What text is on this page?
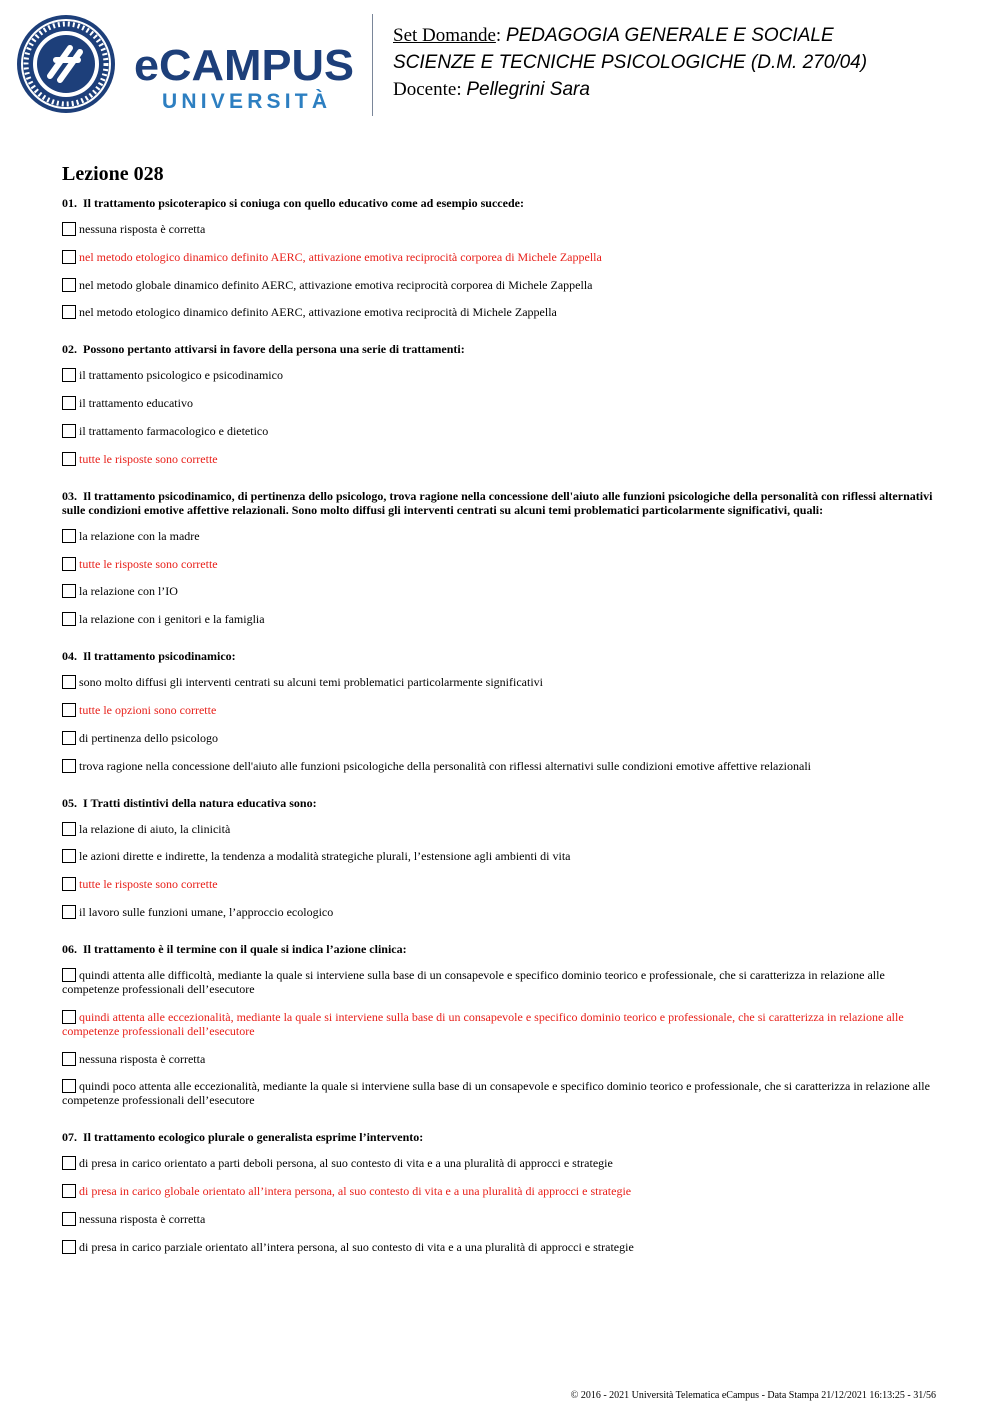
eCAMPUS
UNIVERSITÀ
Set Domande: PEDAGOGIA GENERALE E SOCIALE
SCIENZE E TECNICHE PSICOLOGICHE (D.M. 270/04)
Docente: Pellegrini Sara
Lezione 028

01. Il trattamento psicoterapico si coniuga con quello educativo come ad esempio succede:

nessuna risposta è corretta
nel metodo etologico dinamico definito AERC, attivazione emotiva reciprocità corporea di Michele Zappella
nel metodo globale dinamico definito AERC, attivazione emotiva reciprocità corporea di Michele Zappella
nel metodo etologico dinamico definito AERC, attivazione emotiva reciprocità di Michele Zappella

02. Possono pertanto attivarsi in favore della persona una serie di trattamenti:

il trattamento psicologico e psicodinamico
il trattamento educativo
il trattamento farmacologico e dietetico
tutte le risposte sono corrette

03. Il trattamento psicodinamico, di pertinenza dello psicologo, trova ragione nella concessione dell'aiuto alle funzioni psicologiche della personalità con riflessi alternativi sulle condizioni emotive affettive relazionali. Sono molto diffusi gli interventi centrati su alcuni temi problematici particolarmente significativi, quali:

la relazione con la madre
tutte le risposte sono corrette
la relazione con l’IO
la relazione con i genitori e la famiglia

04. Il trattamento psicodinamico:

sono molto diffusi gli interventi centrati su alcuni temi problematici particolarmente significativi
tutte le opzioni sono corrette
di pertinenza dello psicologo
trova ragione nella concessione dell'aiuto alle funzioni psicologiche della personalità con riflessi alternativi sulle condizioni emotive affettive relazionali

05. I Tratti distintivi della natura educativa sono:

la relazione di aiuto, la clinicità
le azioni dirette e indirette, la tendenza a modalità strategiche plurali, l’estensione agli ambienti di vita
tutte le risposte sono corrette
il lavoro sulle funzioni umane, l’approccio ecologico

06. Il trattamento è il termine con il quale si indica l’azione clinica:

quindi attenta alle difficoltà, mediante la quale si interviene sulla base di un consapevole e specifico dominio teorico e professionale, che si caratterizza in relazione alle competenze professionali dell’esecutore
quindi attenta alle eccezionalità, mediante la quale si interviene sulla base di un consapevole e specifico dominio teorico e professionale, che si caratterizza in relazione alle competenze professionali dell’esecutore
nessuna risposta è corretta
quindi poco attenta alle eccezionalità, mediante la quale si interviene sulla base di un consapevole e specifico dominio teorico e professionale, che si caratterizza in relazione alle competenze professionali dell’esecutore

07. Il trattamento ecologico plurale o generalista esprime l’intervento:

di presa in carico orientato a parti deboli persona, al suo contesto di vita e a una pluralità di approcci e strategie
di presa in carico globale orientato all’intera persona, al suo contesto di vita e a una pluralità di approcci e strategie
nessuna risposta è corretta
di presa in carico parziale orientato all’intera persona, al suo contesto di vita e a una pluralità di approcci e strategie
© 2016 - 2021 Università Telematica eCampus - Data Stampa 21/12/2021 16:13:25 - 31/56
